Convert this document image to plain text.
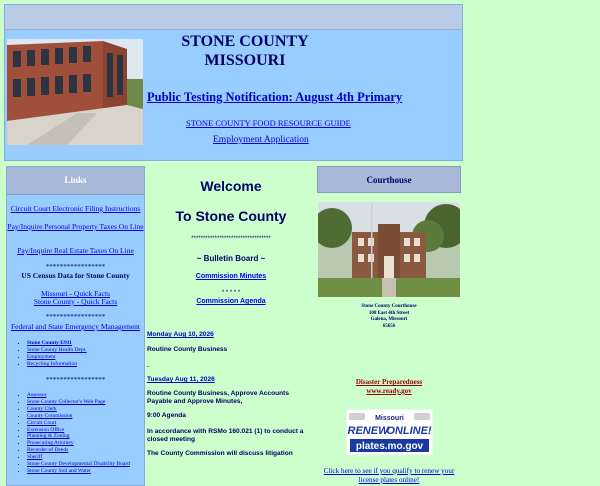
STONE COUNTY
MISSOURI
Public Testing Notification: August 4th Primary
STONE COUNTY FOOD RESOURCE GUIDE
Employment Application
Links
Circuit Court Electronic Filing Instructions
Pay/Inquire Personal Property Taxes On Line
Pay/Inquire Real Estate Taxes On Line
*****************
US Census Data for Stone County
Missouri - Quick Facts
Stone County - Quick Facts
*****************
Federal and State Emergency Management
• Stone County E911
• Stone County Health Dept.
• Employment
• Recycling Information
*****************
• Assessor
• Stone County Collector's Web Page
• County Clerk
• County Commission
• Circuit Court
• Extension Office
• Planning & Zoning
• Prosecuting Attorney
• Recorder of Deeds
• Sheriff
• Stone County Developmental Disability Board
• Stone County Soil and Water
Welcome
To Stone County
**********************************
~ Bulletin Board ~
Commission Minutes
* * * * *
Commission Agenda
Monday Aug 10, 2026
Routine County Business
.
Tuesday Aug 11, 2026
Routine County Business, Approve Accounts Payable and Approve Minutes,
9:00 Agenda
In accordance with RSMo 160.021 (1) to conduct a closed meeting
The County Commission will discuss litigation
Courthouse
Stone County Courthouse
108 East 4th Street
Galena, Missouri
65656
Disaster Preparedness
www.ready.gov
Missouri
RENEW
ONLINE!
plates.mo.gov
Click here to see if you qualify to renew your license plates online!
